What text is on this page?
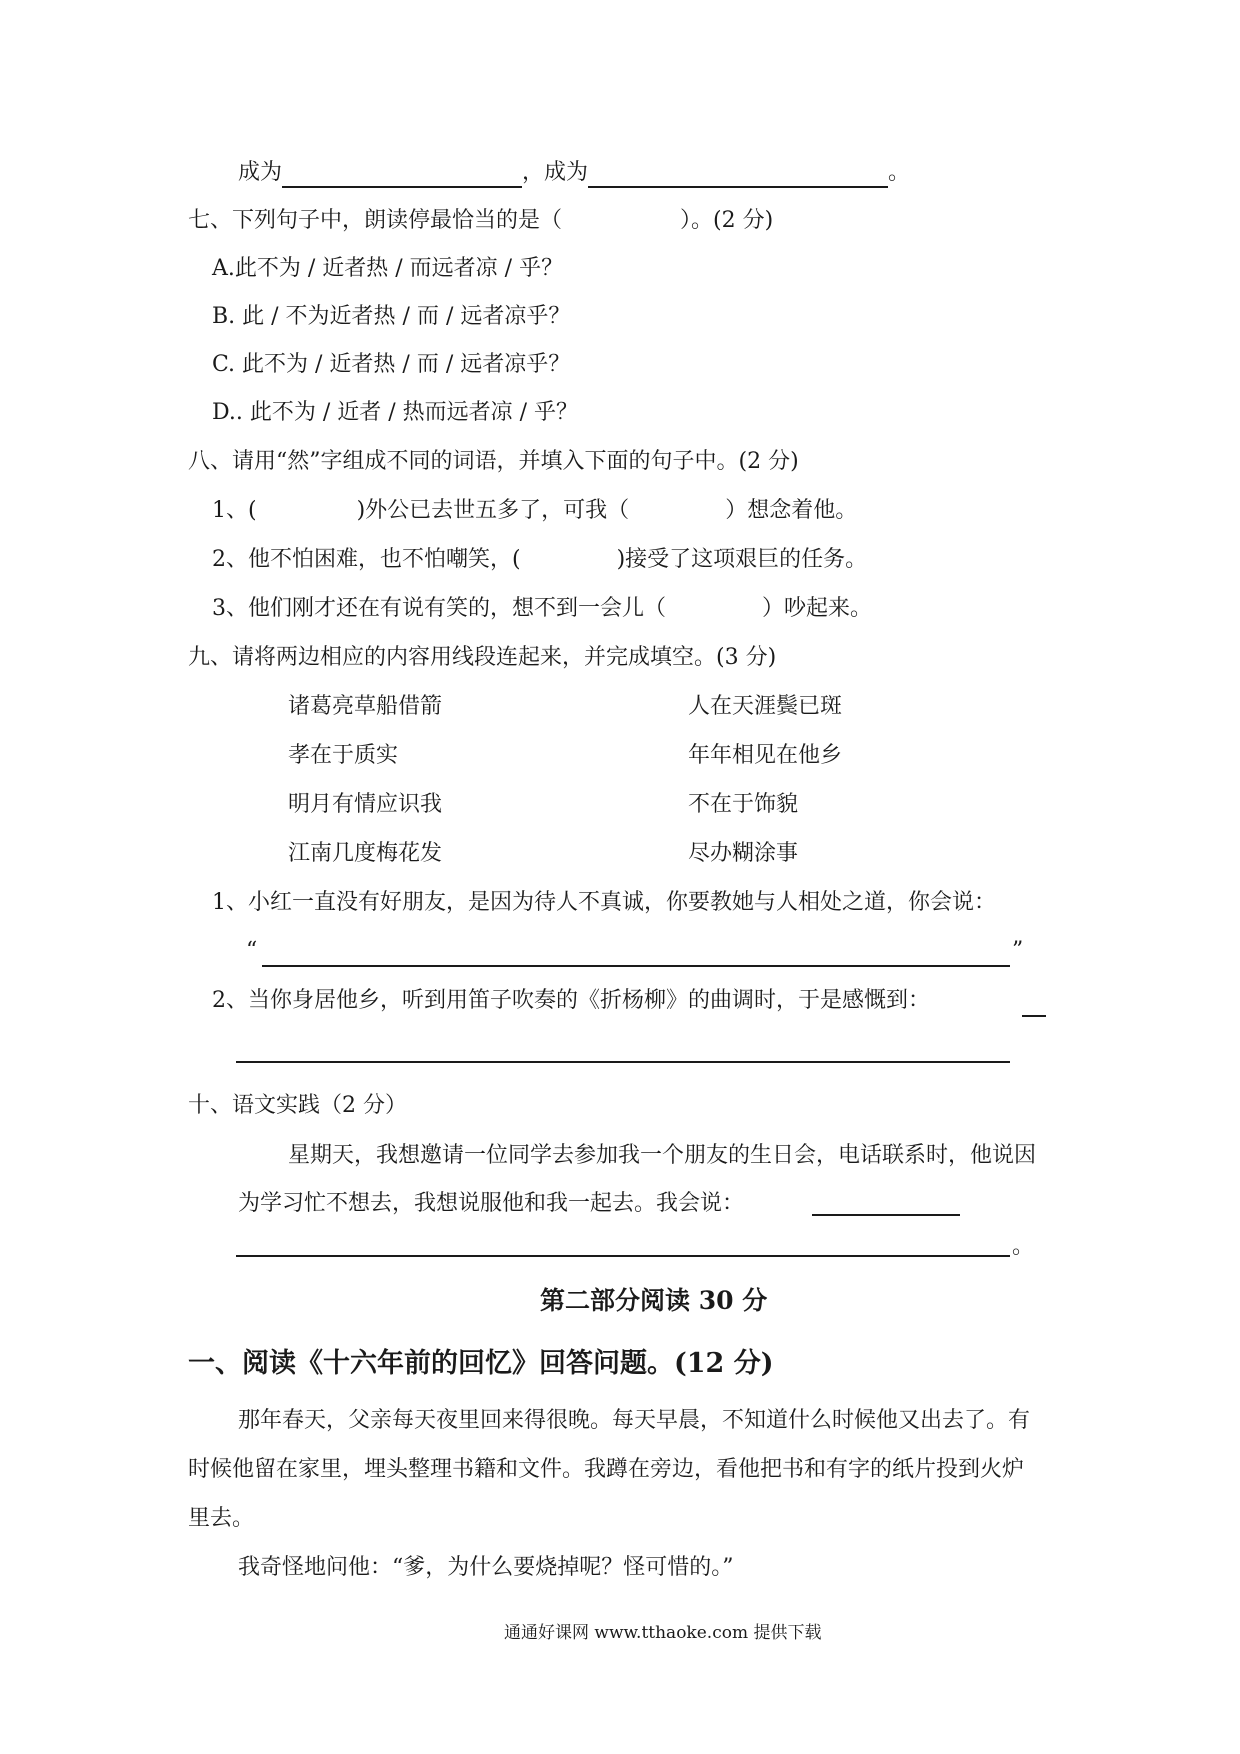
成为	，成为	。
七、下列句子中，朗读停最恰当的是（	）。(2 分)
A.此不为 / 近者热 / 而远者凉 / 乎？
B. 此 / 不为近者热 / 而 / 远者凉乎？
C. 此不为 / 近者热 / 而 / 远者凉乎？
D.. 此不为 / 近者 / 热而远者凉 / 乎？
八、请用“然”字组成不同的词语，并填入下面的句子中。(2 分)
1、(	)外公已去世五多了，可我（	）想念着他。
2、他不怕困难，也不怕嘲笑，(	)接受了这项艰巨的任务。
3、他们刚才还在有说有笑的，想不到一会儿（	）吵起来。
九、请将两边相应的内容用线段连起来，并完成填空。(3 分)
诸葛亮草船借箭	人在天涯鬓已斑
孝在于质实	年年相见在他乡
明月有情应识我	不在于饰貌
江南几度梅花发	尽办糊涂事
1、小红一直没有好朋友，是因为待人不真诚，你要教她与人相处之道，你会说：
“	”
2、当你身居他乡，听到用笛子吹奏的《折杨柳》的曲调时，于是感慨到：
十、语文实践（2 分）
星期天，我想邀请一位同学去参加我一个朋友的生日会，电话联系时，他说因
为学习忙不想去，我想说服他和我一起去。我会说：
。
第二部分阅读 30 分
一、阅读《十六年前的回忆》回答问题。(12 分)
那年春天，父亲每天夜里回来得很晚。每天早晨，不知道什么时候他又出去了。有
时候他留在家里，埋头整理书籍和文件。我蹲在旁边，看他把书和有字的纸片投到火炉
里去。
我奇怪地问他：“爹，为什么要烧掉呢？怪可惜的。”
通通好课网 www.tthaoke.com 提供下载
